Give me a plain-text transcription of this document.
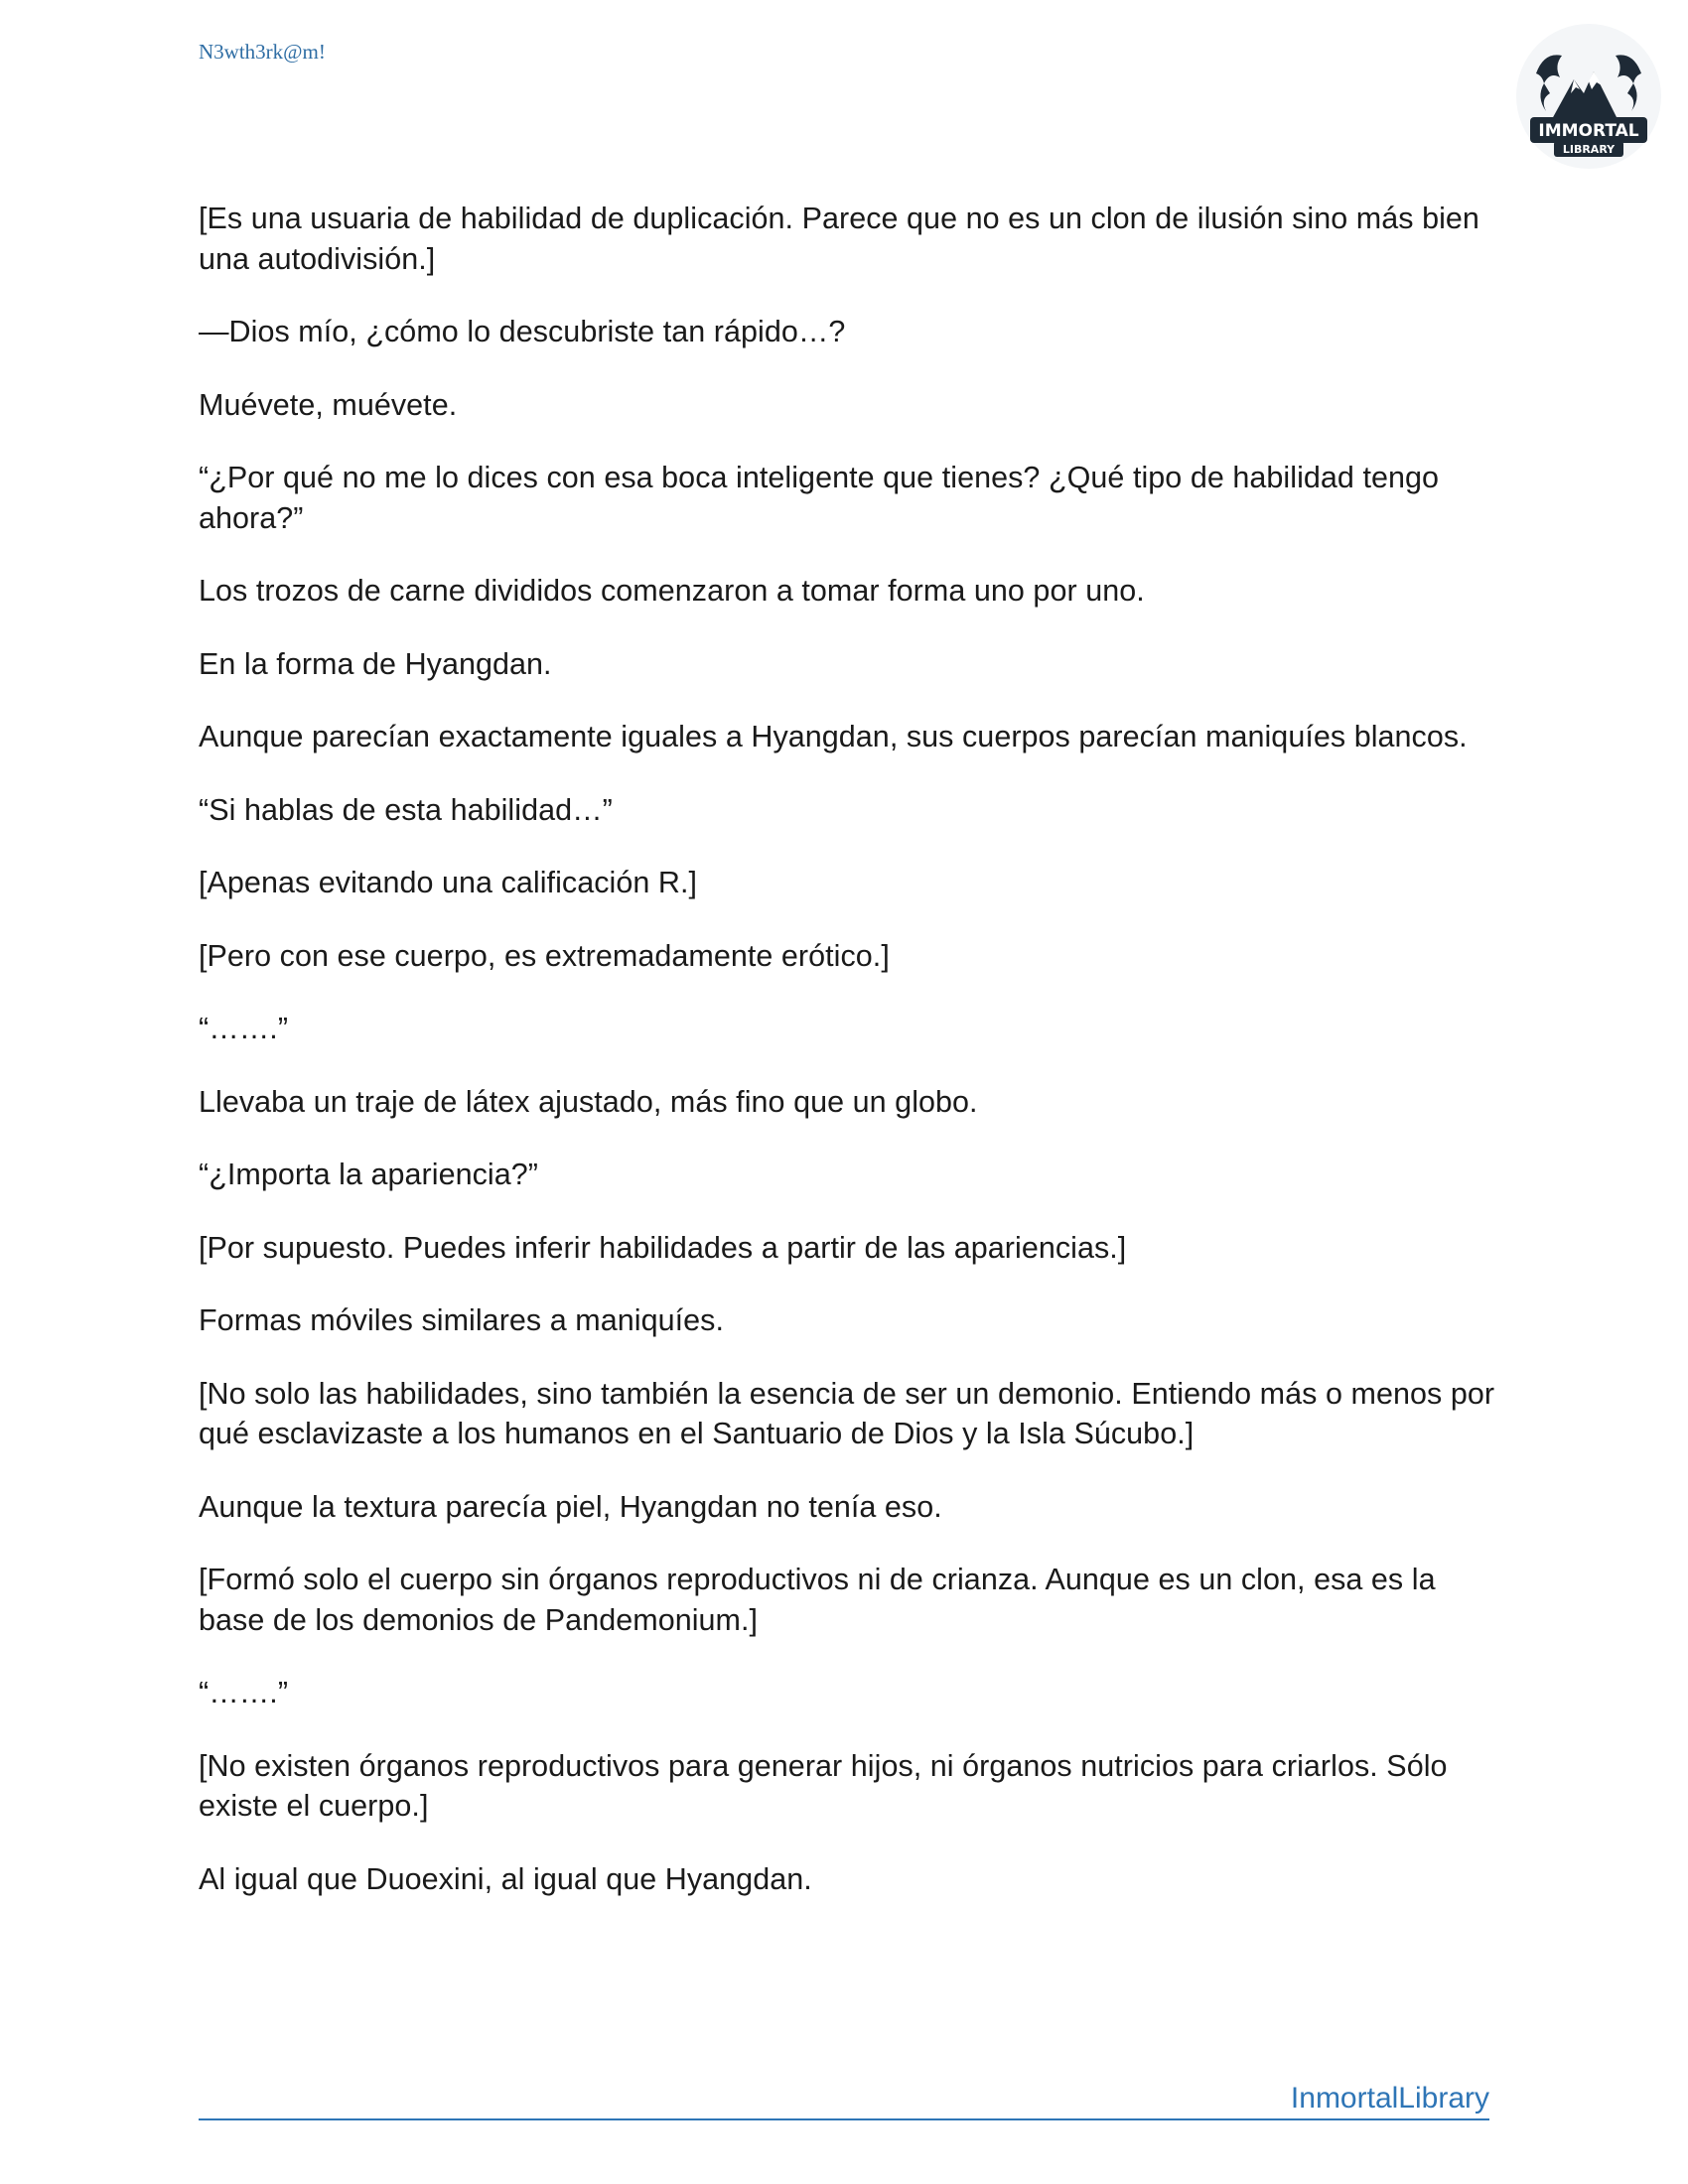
N3wth3rk@m!
IMMORTAL
LIBRARY

[Es una usuaria de habilidad de duplicación. Parece que no es un clon de ilusión sino más bien una autodivisión.]

—Dios mío, ¿cómo lo descubriste tan rápido…?

Muévete, muévete.

“¿Por qué no me lo dices con esa boca inteligente que tienes? ¿Qué tipo de habilidad tengo ahora?”

Los trozos de carne divididos comenzaron a tomar forma uno por uno.

En la forma de Hyangdan.

Aunque parecían exactamente iguales a Hyangdan, sus cuerpos parecían maniquíes blancos.

“Si hablas de esta habilidad…”

[Apenas evitando una calificación R.]

[Pero con ese cuerpo, es extremadamente erótico.]

“…….”

Llevaba un traje de látex ajustado, más fino que un globo.

“¿Importa la apariencia?”

[Por supuesto. Puedes inferir habilidades a partir de las apariencias.]

Formas móviles similares a maniquíes.

[No solo las habilidades, sino también la esencia de ser un demonio. Entiendo más o menos por qué esclavizaste a los humanos en el Santuario de Dios y la Isla Súcubo.]

Aunque la textura parecía piel, Hyangdan no tenía eso.

[Formó solo el cuerpo sin órganos reproductivos ni de crianza. Aunque es un clon, esa es la base de los demonios de Pandemonium.]

“…….”

[No existen órganos reproductivos para generar hijos, ni órganos nutricios para criarlos. Sólo existe el cuerpo.]

Al igual que Duoexini, al igual que Hyangdan.

InmortalLibrary
